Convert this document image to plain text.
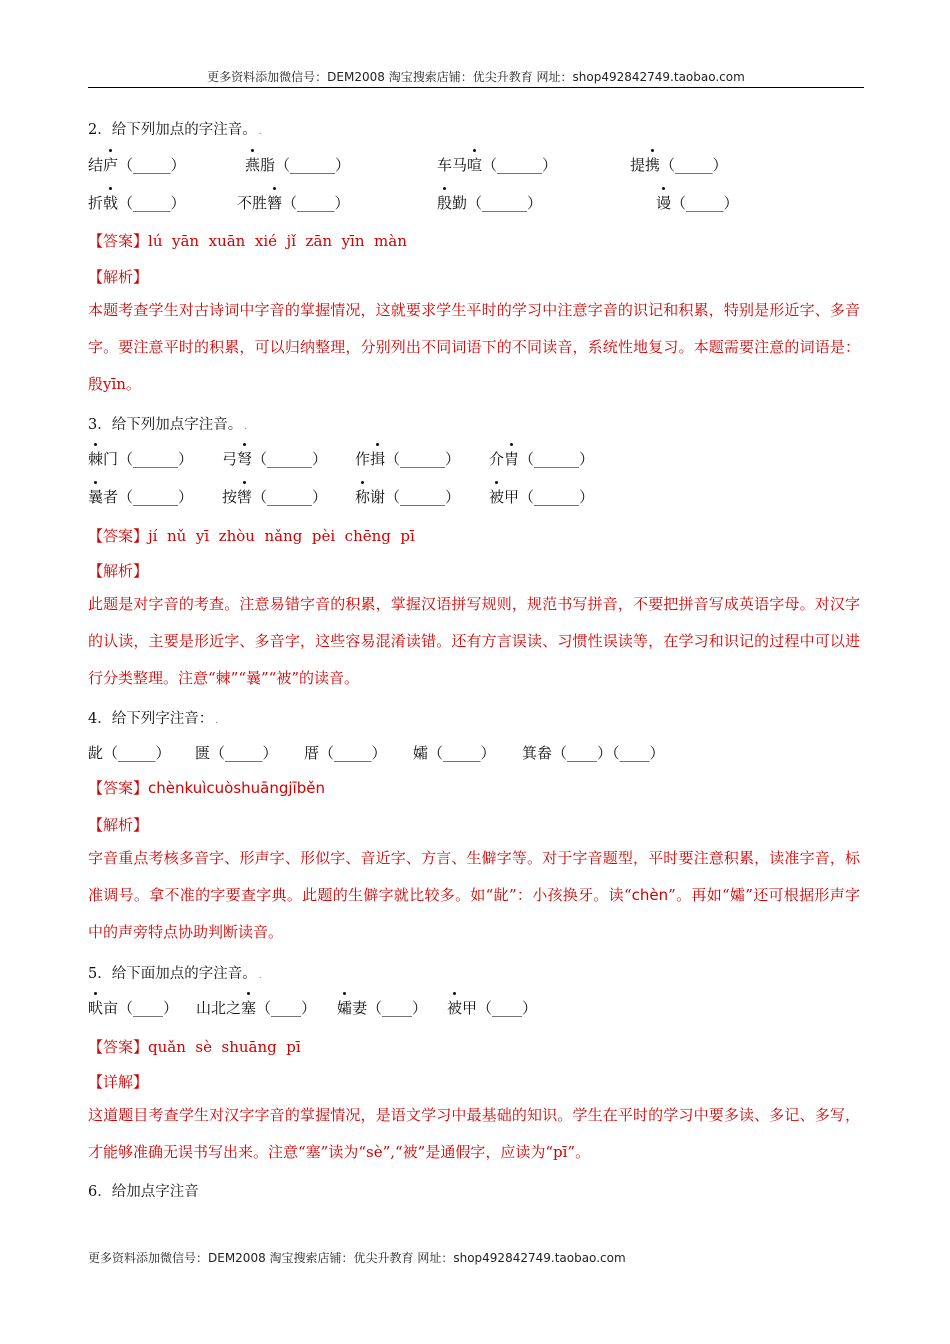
更多资料添加微信号：DEM2008 淘宝搜索店铺：优尖升教育 网址：shop492842749.taobao.com
更多资料添加微信号：DEM2008 淘宝搜索店铺：优尖升教育 网址：shop492842749.taobao.com
2．给下列加点的字注音。 .
结庐（_____）	燕脂（______）	车马喧（______）	提携（_____）
折戟（_____）	不胜簪（_____）	殷勤（______）	谩（_____）
【答案】lú  yān  xuān  xié  jǐ  zān  yīn  màn
【解析】
本题考查学生对古诗词中字音的掌握情况，这就要求学生平时的学习中注意字音的识记和积累，特别是形近字、多音字。要注意平时的积累，可以归纳整理，分别列出不同词语下的不同读音，系统性地复习。本题需要注意的词语是：殷yīn。
3．给下列加点字注音。 .
棘门（______） 弓弩（______） 作揖（______） 介胄（______）
曩者（______） 按辔（______） 称谢（______） 被甲（______）
【答案】jí  nǔ  yī  zhòu  nǎng  pèi  chēng  pī
【解析】
此题是对字音的考查。注意易错字音的积累，掌握汉语拼写规则，规范书写拼音，不要把拼音写成英语字母。对汉字的认读，主要是形近字、多音字，这些容易混淆读错。还有方言误读、习惯性误读等，在学习和识记的过程中可以进行分类整理。注意“棘”“曩”“被”的读音。
4．给下列字注音： .
龀（_____） 匮（_____） 厝（_____） 孀（_____） 箕畚（____）（____）
【答案】chènkuìcuòshuāngjīběn
【解析】
字音重点考核多音字、形声字、形似字、音近字、方言、生僻字等。对于字音题型，平时要注意积累，读准字音，标准调号。拿不准的字要查字典。此题的生僻字就比较多。如“龀”：小孩换牙。读“chèn”。再如“孀”还可根据形声字中的声旁特点协助判断读音。
5．给下面加点的字注音。 .
畎亩（____） 山北之塞（____） 孀妻（____） 被甲（____）
【答案】quǎn  sè  shuāng  pī
【详解】
这道题目考查学生对汉字字音的掌握情况，是语文学习中最基础的知识。学生在平时的学习中要多读、多记、多写，才能够准确无误书写出来。注意“塞”读为“sè”,“被”是通假字，应读为“pī”。
6．给加点字注音
